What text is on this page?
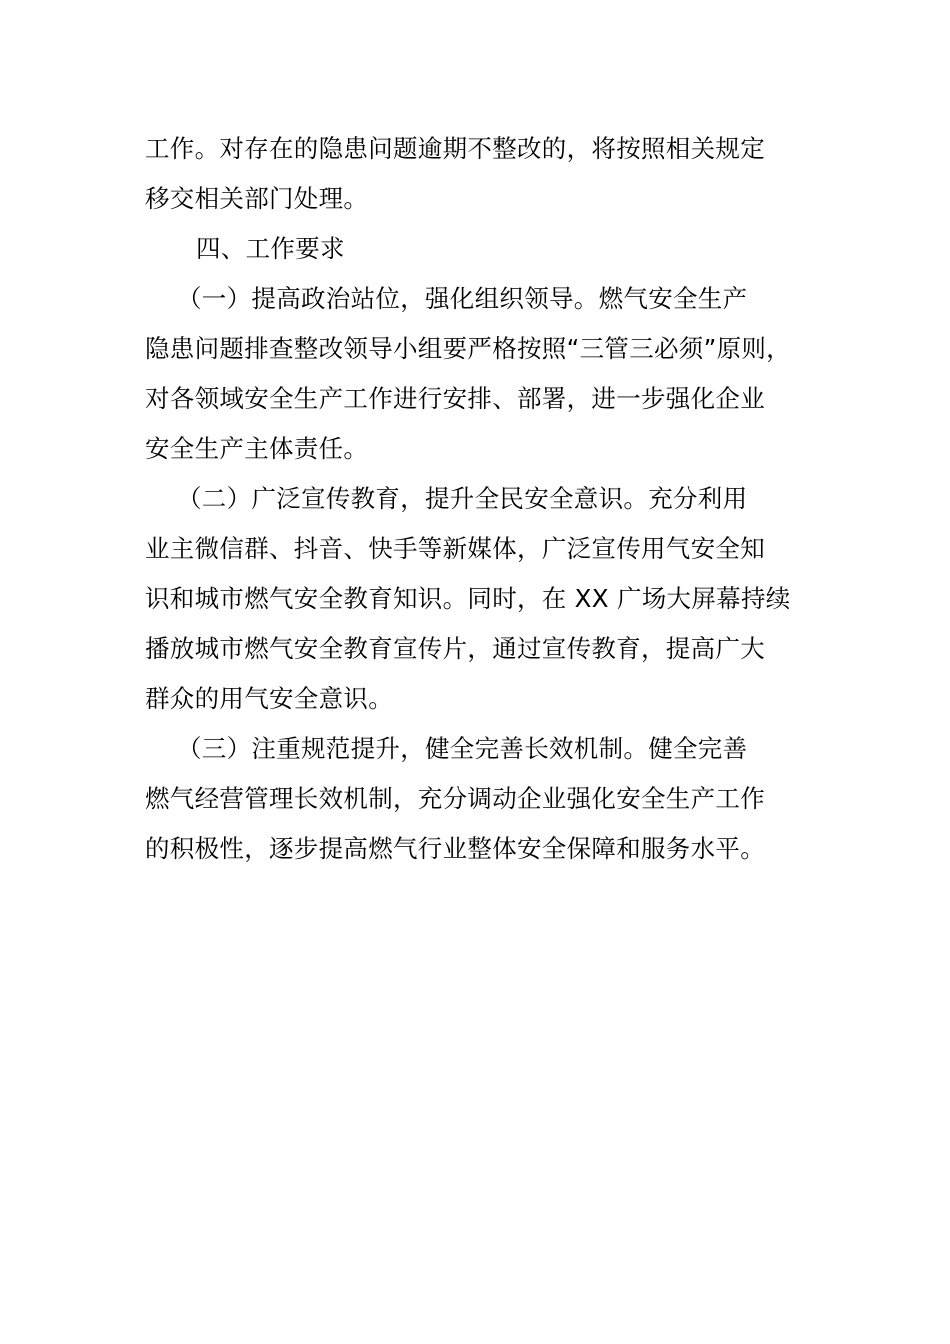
工作。对存在的隐患问题逾期不整改的，将按照相关规定
移交相关部门处理。
四、工作要求
（一）提高政治站位，强化组织领导。燃气安全生产
隐患问题排查整改领导小组要严格按照“三管三必须”原则，
对各领域安全生产工作进行安排、部署，进一步强化企业
安全生产主体责任。
（二）广泛宣传教育，提升全民安全意识。充分利用
业主微信群、抖音、快手等新媒体，广泛宣传用气安全知
识和城市燃气安全教育知识。同时，在 XX 广场大屏幕持续
播放城市燃气安全教育宣传片，通过宣传教育，提高广大
群众的用气安全意识。
（三）注重规范提升，健全完善长效机制。健全完善
燃气经营管理长效机制，充分调动企业强化安全生产工作
的积极性，逐步提高燃气行业整体安全保障和服务水平。
